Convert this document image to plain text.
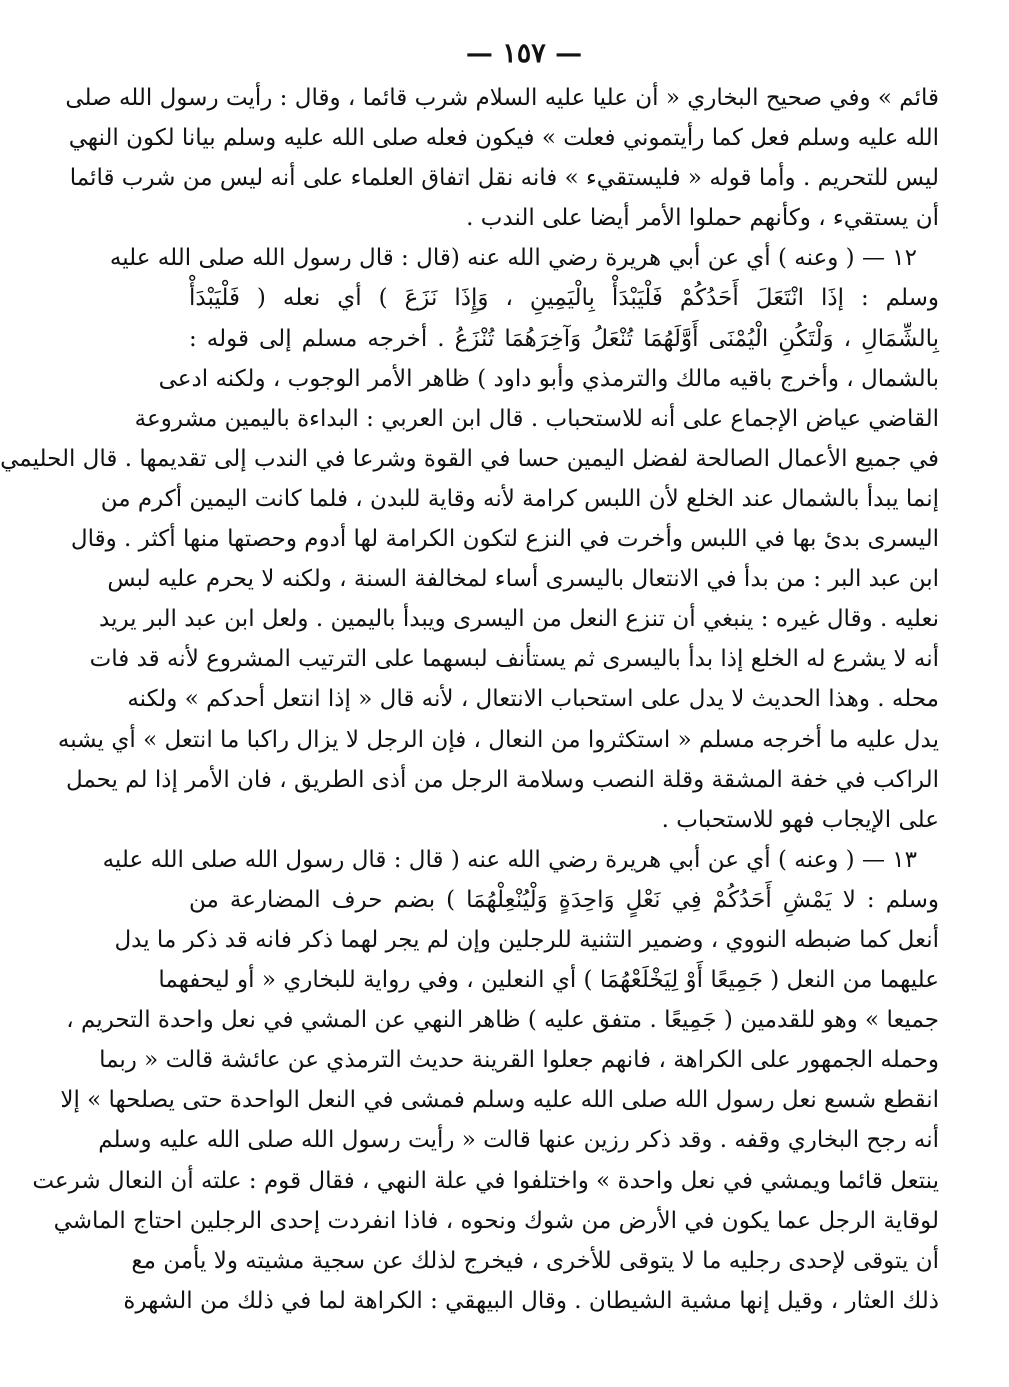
— ١٥٧ —
قائم » وفي صحيح البخاري « أن عليا عليه السلام شرب قائما ، وقال : رأيت رسول الله صلى
الله عليه وسلم فعل كما رأيتموني فعلت » فيكون فعله صلى الله عليه وسلم بيانا لكون النهي
ليس للتحريم . وأما قوله « فليستقيء » فانه نقل اتفاق العلماء على أنه ليس من شرب قائما
أن يستقيء ، وكأنهم حملوا الأمر أيضا على الندب .
١٢ — ( وعنه ) أي عن أبي هريرة رضي الله عنه (قال : قال رسول الله صلى الله عليه
وسلم : إذَا انْتَعَلَ أَحَدُكُمْ فَلْيَبْدَأْ بِالْيَمِينِ ، وَإِذَا نَزَعَ ) أي نعله ( فَلْيَبْدَأْ
بِالشِّمَالِ ، وَلْتَكُنِ الْيُمْنَى أَوَّلَهُمَا تُنْعَلُ وَآخِرَهُمَا تُنْزَعُ . أخرجه مسلم إلى قوله :
بالشمال ، وأخرج باقيه مالك والترمذي وأبو داود ) ظاهر الأمر الوجوب ، ولكنه ادعى
القاضي عياض الإجماع على أنه للاستحباب . قال ابن العربي : البداءة باليمين مشروعة
في جميع الأعمال الصالحة لفضل اليمين حسا في القوة وشرعا في الندب إلى تقديمها . قال الحليمي
إنما يبدأ بالشمال عند الخلع لأن اللبس كرامة لأنه وقاية للبدن ، فلما كانت اليمين أكرم من
اليسرى بدئ بها في اللبس وأخرت في النزع لتكون الكرامة لها أدوم وحصتها منها أكثر . وقال
ابن عبد البر : من بدأ في الانتعال باليسرى أساء لمخالفة السنة ، ولكنه لا يحرم عليه لبس
نعليه . وقال غيره : ينبغي أن تنزع النعل من اليسرى ويبدأ باليمين . ولعل ابن عبد البر يريد
أنه لا يشرع له الخلع إذا بدأ باليسرى ثم يستأنف لبسهما على الترتيب المشروع لأنه قد فات
محله . وهذا الحديث لا يدل على استحباب الانتعال ، لأنه قال « إذا انتعل أحدكم » ولكنه
يدل عليه ما أخرجه مسلم « استكثروا من النعال ، فإن الرجل لا يزال راكبا ما انتعل » أي يشبه
الراكب في خفة المشقة وقلة النصب وسلامة الرجل من أذى الطريق ، فان الأمر إذا لم يحمل
على الإيجاب فهو للاستحباب .
١٣ — ( وعنه ) أي عن أبي هريرة رضي الله عنه ( قال : قال رسول الله صلى الله عليه
وسلم : لا يَمْشِ أَحَدُكُمْ فِي نَعْلٍ وَاحِدَةٍ وَلْيُنْعِلْهُمَا ) بضم حرف المضارعة من
أنعل كما ضبطه النووي ، وضمير التثنية للرجلين وإن لم يجر لهما ذكر فانه قد ذكر ما يدل
عليهما من النعل ( جَمِيعًا أَوْ لِيَخْلَعْهُمَا ) أي النعلين ، وفي رواية للبخاري « أو ليحفهما
جميعا » وهو للقدمين ( جَمِيعًا . متفق عليه ) ظاهر النهي عن المشي في نعل واحدة التحريم ،
وحمله الجمهور على الكراهة ، فانهم جعلوا القرينة حديث الترمذي عن عائشة قالت « ربما
انقطع شسع نعل رسول الله صلى الله عليه وسلم فمشى في النعل الواحدة حتى يصلحها » إلا
أنه رجح البخاري وقفه . وقد ذكر رزين عنها قالت « رأيت رسول الله صلى الله عليه وسلم
ينتعل قائما ويمشي في نعل واحدة » واختلفوا في علة النهي ، فقال قوم : علته أن النعال شرعت
لوقاية الرجل عما يكون في الأرض من شوك ونحوه ، فاذا انفردت إحدى الرجلين احتاج الماشي
أن يتوقى لإحدى رجليه ما لا يتوقى للأخرى ، فيخرج لذلك عن سجية مشيته ولا يأمن مع
ذلك العثار ، وقيل إنها مشية الشيطان . وقال البيهقي : الكراهة لما في ذلك من الشهرة
